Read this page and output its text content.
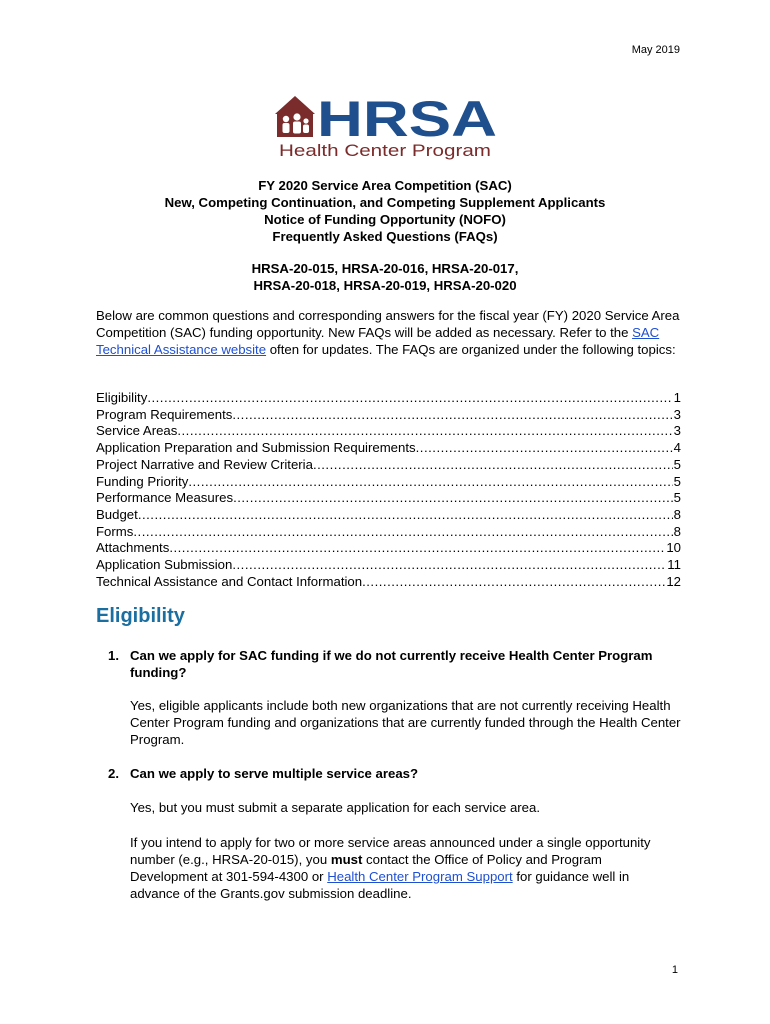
May 2019
HRSA
Health Center Program
FY 2020 Service Area Competition (SAC)
New, Competing Continuation, and Competing Supplement Applicants
Notice of Funding Opportunity (NOFO)
Frequently Asked Questions (FAQs)
HRSA-20-015, HRSA-20-016, HRSA-20-017,
HRSA-20-018, HRSA-20-019, HRSA-20-020
Below are common questions and corresponding answers for the fiscal year (FY) 2020 Service Area Competition (SAC) funding opportunity. New FAQs will be added as necessary. Refer to the SAC Technical Assistance website often for updates. The FAQs are organized under the following topics:
Eligibility .....	1
Program Requirements .....	3
Service Areas .....	3
Application Preparation and Submission Requirements .....	4
Project Narrative and Review Criteria .....	5
Funding Priority .....	5
Performance Measures .....	5
Budget .....	8
Forms .....	8
Attachments .....	10
Application Submission .....	11
Technical Assistance and Contact Information .....	12
Eligibility
1. Can we apply for SAC funding if we do not currently receive Health Center Program funding?
Yes, eligible applicants include both new organizations that are not currently receiving Health Center Program funding and organizations that are currently funded through the Health Center Program.
2. Can we apply to serve multiple service areas?
Yes, but you must submit a separate application for each service area.
If you intend to apply for two or more service areas announced under a single opportunity number (e.g., HRSA-20-015), you must contact the Office of Policy and Program Development at 301-594-4300 or Health Center Program Support for guidance well in advance of the Grants.gov submission deadline.
1
